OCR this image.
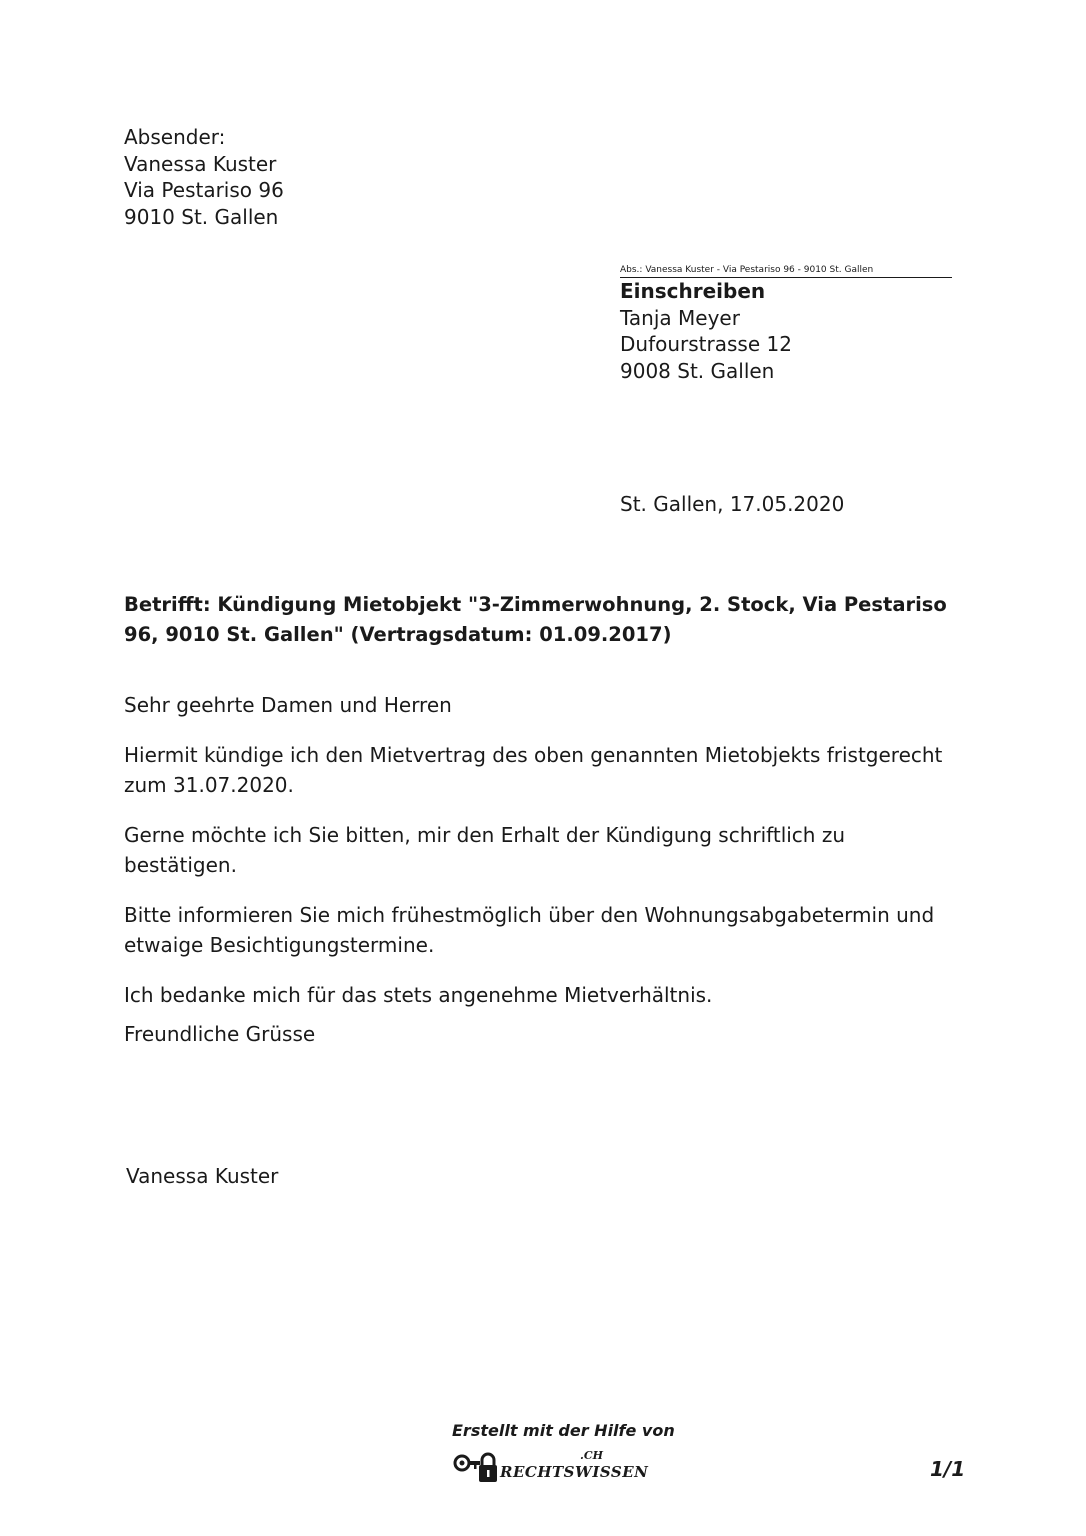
Absender:
Vanessa Kuster
Via Pestariso 96
9010 St. Gallen
Abs.: Vanessa Kuster - Via Pestariso 96 - 9010 St. Gallen
Einschreiben
Tanja Meyer
Dufourstrasse 12
9008 St. Gallen
St. Gallen, 17.05.2020
Betrifft: Kündigung Mietobjekt "3-Zimmerwohnung, 2. Stock, Via Pestariso 96, 9010 St. Gallen" (Vertragsdatum: 01.09.2017)

Sehr geehrte Damen und Herren

Hiermit kündige ich den Mietvertrag des oben genannten Mietobjekts fristgerecht zum 31.07.2020.

Gerne möchte ich Sie bitten, mir den Erhalt der Kündigung schriftlich zu bestätigen.

Bitte informieren Sie mich frühestmöglich über den Wohnungsabgabetermin und etwaige Besichtigungstermine.

Ich bedanke mich für das stets angenehme Mietverhältnis.

Freundliche Grüsse
Vanessa Kuster
Erstellt mit der Hilfe von
RECHTSWISSEN
.CH
1/1
